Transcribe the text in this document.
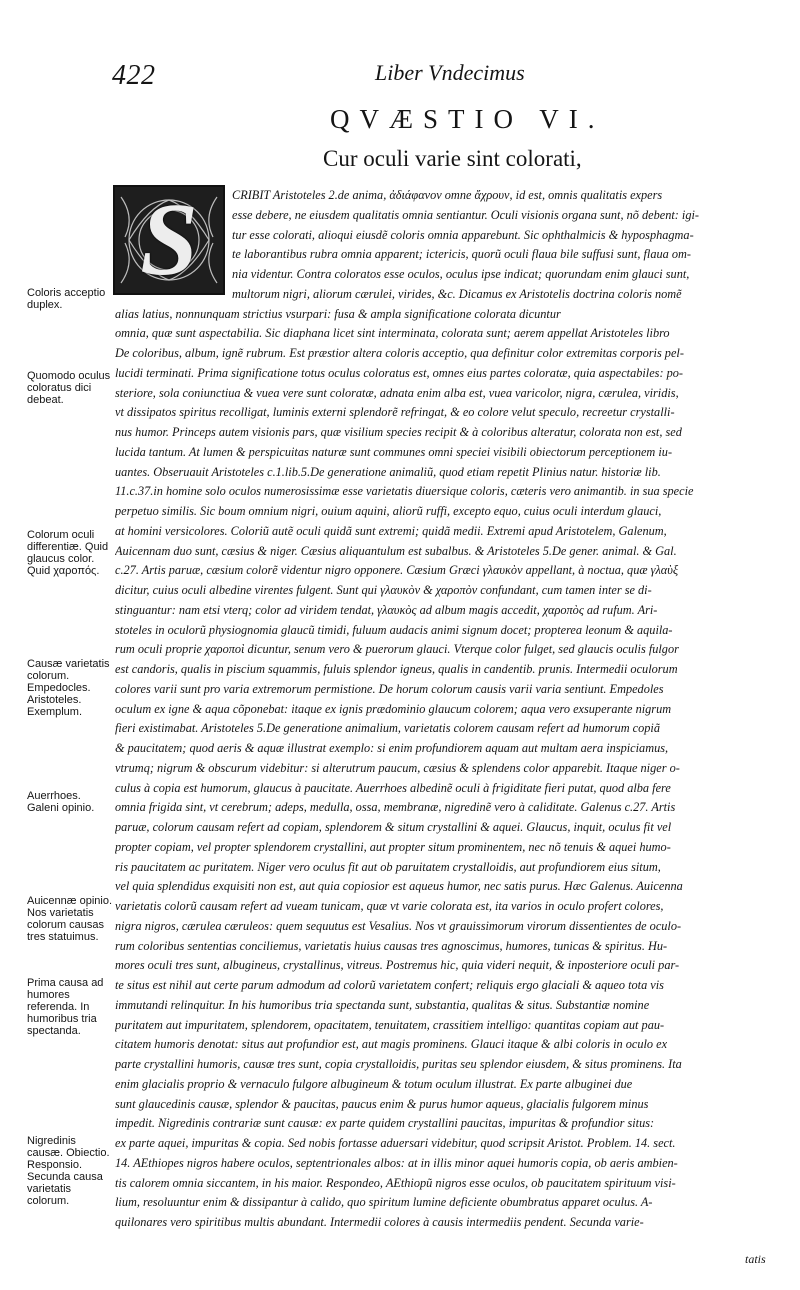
422	Liber Vndecimus
QVÆSTIO VI.
Cur oculi varie sint colorati,
S
Coloris acceptio duplex.
Quomodo oculus coloratus dici debeat.
Colorum oculi differentiæ. Quid glaucus color. Quid χαροπός.
Causæ varietatis colorum. Empedocles. Aristoteles. Exemplum.
Auerrhoes. Galeni opinio.
Auicennæ opinio. Nos varietatis colorum causas tres statuimus.
Prima causa ad humores referenda. In humoribus tria spectanda.
Nigredinis causæ. Obiectio. Responsio. Secunda causa varietatis colorum.
CRIBIT Aristoteles 2.de anima, ἀδιάφανον omne ἄχρουν, id est, omnis qualitatis expers
esse debere, ne eiusdem qualitatis omnia sentiantur. Oculi visionis organa sunt, nõ debent: igi-
tur esse colorati, alioqui eiusdẽ coloris omnia apparebunt. Sic ophthalmicis & hyposphagma-
te laborantibus rubra omnia apparent; ictericis, quorũ oculi flaua bile suffusi sunt, flaua om-
nia videntur. Contra coloratos esse oculos, oculus ipse indicat; quorundam enim glauci sunt,
multorum nigri, aliorum cærulei, virides, &c. Dicamus ex Aristotelis doctrina coloris nomẽ
alias latius, nonnunquam strictius vsurpari: fusa & ampla significatione colorata dicuntur
omnia, quæ sunt aspectabilia. Sic diaphana licet sint interminata, colorata sunt; aerem appellat Aristoteles libro
De coloribus, album, ignẽ rubrum. Est præstior altera coloris acceptio, qua definitur color extremitas corporis pel-
lucidi terminati. Prima significatione totus oculus coloratus est, omnes eius partes coloratæ, quia aspectabiles: po-
steriore, sola coniunctiua & vuea vere sunt coloratæ, adnata enim alba est, vuea varicolor, nigra, cærulea, viridis,
vt dissipatos spiritus recolligat, luminis externi splendorẽ refringat, & eo colore velut speculo, recreetur crystalli-
nus humor. Princeps autem visionis pars, quæ visilium species recipit & à coloribus alteratur, colorata non est, sed
lucida tantum. At lumen & perspicuitas naturæ sunt communes omni speciei visibili obiectorum perceptionem iu-
uantes. Obseruauit Aristoteles c.1.lib.5.De generatione animaliũ, quod etiam repetit Plinius natur. historiæ lib.
11.c.37.in homine solo oculos numerosissimæ esse varietatis diuersique coloris, cæteris vero animantib. in sua specie
perpetuo similis. Sic boum omnium nigri, ouium aquini, aliorũ ruffi, excepto equo, cuius oculi interdum glauci,
at homini versicolores. Coloriũ autẽ oculi quidã sunt extremi; quidã medii. Extremi apud Aristotelem, Galenum,
Auicennam duo sunt, cæsius & niger. Cæsius aliquantulum est subalbus. & Aristoteles 5.De gener. animal. & Gal.
c.27. Artis paruæ, cæsium colorẽ videntur nigro opponere. Cæsium Græci γλαυκὸν appellant, à noctua, quæ γλαὺξ
dicitur, cuius oculi albedine virentes fulgent. Sunt qui γλαυκὸν & χαροπὸν confundant, cum tamen inter se di-
stinguantur: nam etsi vterq; color ad viridem tendat, γλαυκὸς ad album magis accedit, χαροπὸς ad rufum. Ari-
stoteles in oculorũ physiognomia glaucũ timidi, fuluum audacis animi signum docet; propterea leonum & aquila-
rum oculi proprie χαροποὶ dicuntur, senum vero & puerorum glauci. Vterque color fulget, sed glaucis oculis fulgor
est candoris, qualis in piscium squammis, fuluis splendor igneus, qualis in candentib. prunis. Intermedii oculorum
colores varii sunt pro varia extremorum permistione. De horum colorum causis varii varia sentiunt. Empedoles
oculum ex igne & aqua cõponebat: itaque ex ignis prædominio glaucum colorem; aqua vero exsuperante nigrum
fieri existimabat. Aristoteles 5.De generatione animalium, varietatis colorem causam refert ad humorum copiã
& paucitatem; quod aeris & aquæ illustrat exemplo: si enim profundiorem aquam aut multam aera inspiciamus,
vtrumq; nigrum & obscurum videbitur: si alterutrum paucum, cæsius & splendens color apparebit. Itaque niger o-
culus à copia est humorum, glaucus à paucitate. Auerrhoes albedinẽ oculi à frigiditate fieri putat, quod alba fere
omnia frigida sint, vt cerebrum; adeps, medulla, ossa, membranæ, nigredinẽ vero à caliditate. Galenus c.27. Artis
paruæ, colorum causam refert ad copiam, splendorem & situm crystallini & aquei. Glaucus, inquit, oculus fit vel
propter copiam, vel propter splendorem crystallini, aut propter situm prominentem, nec nõ tenuis & aquei humo-
ris paucitatem ac puritatem. Niger vero oculus fit aut ob paruitatem crystalloidis, aut profundiorem eius situm,
vel quia splendidus exquisiti non est, aut quia copiosior est aqueus humor, nec satis purus. Hæc Galenus. Auicenna
varietatis colorũ causam refert ad vueam tunicam, quæ vt varie colorata est, ita varios in oculo profert colores,
nigra nigros, cærulea cæruleos: quem sequutus est Vesalius. Nos vt grauissimorum virorum dissentientes de oculo-
rum coloribus sententias conciliemus, varietatis huius causas tres agnoscimus, humores, tunicas & spiritus. Hu-
mores oculi tres sunt, albugineus, crystallinus, vitreus. Postremus hic, quia videri nequit, & inposteriore oculi par-
te situs est nihil aut certe parum admodum ad colorũ varietatem confert; reliquis ergo glaciali & aqueo tota vis
immutandi relinquitur. In his humoribus tria spectanda sunt, substantia, qualitas & situs. Substantiæ nomine
puritatem aut impuritatem, splendorem, opacitatem, tenuitatem, crassitiem intelligo: quantitas copiam aut pau-
citatem humoris denotat: situs aut profundior est, aut magis prominens. Glauci itaque & albi coloris in oculo ex
parte crystallini humoris, causæ tres sunt, copia crystalloidis, puritas seu splendor eiusdem, & situs prominens. Ita
enim glacialis proprio & vernaculo fulgore albugineum & totum oculum illustrat. Ex parte albuginei due
sunt glaucedinis causæ, splendor & paucitas, paucus enim & purus humor aqueus, glacialis fulgorem minus
impedit. Nigredinis contrariæ sunt causæ: ex parte quidem crystallini paucitas, impuritas & profundior situs:
ex parte aquei, impuritas & copia. Sed nobis fortasse aduersari videbitur, quod scripsit Aristot. Problem. 14. sect.
14. AEthiopes nigros habere oculos, septentrionales albos: at in illis minor aquei humoris copia, ob aeris ambien-
tis calorem omnia siccantem, in his maior. Respondeo, AEthiopũ nigros esse oculos, ob paucitatem spirituum visi-
lium, resoluuntur enim & dissipantur à calido, quo spiritum lumine deficiente obumbratus apparet oculus. A-
quilonares vero spiritibus multis abundant. Intermedii colores à causis intermediis pendent. Secunda varie-
tatis
